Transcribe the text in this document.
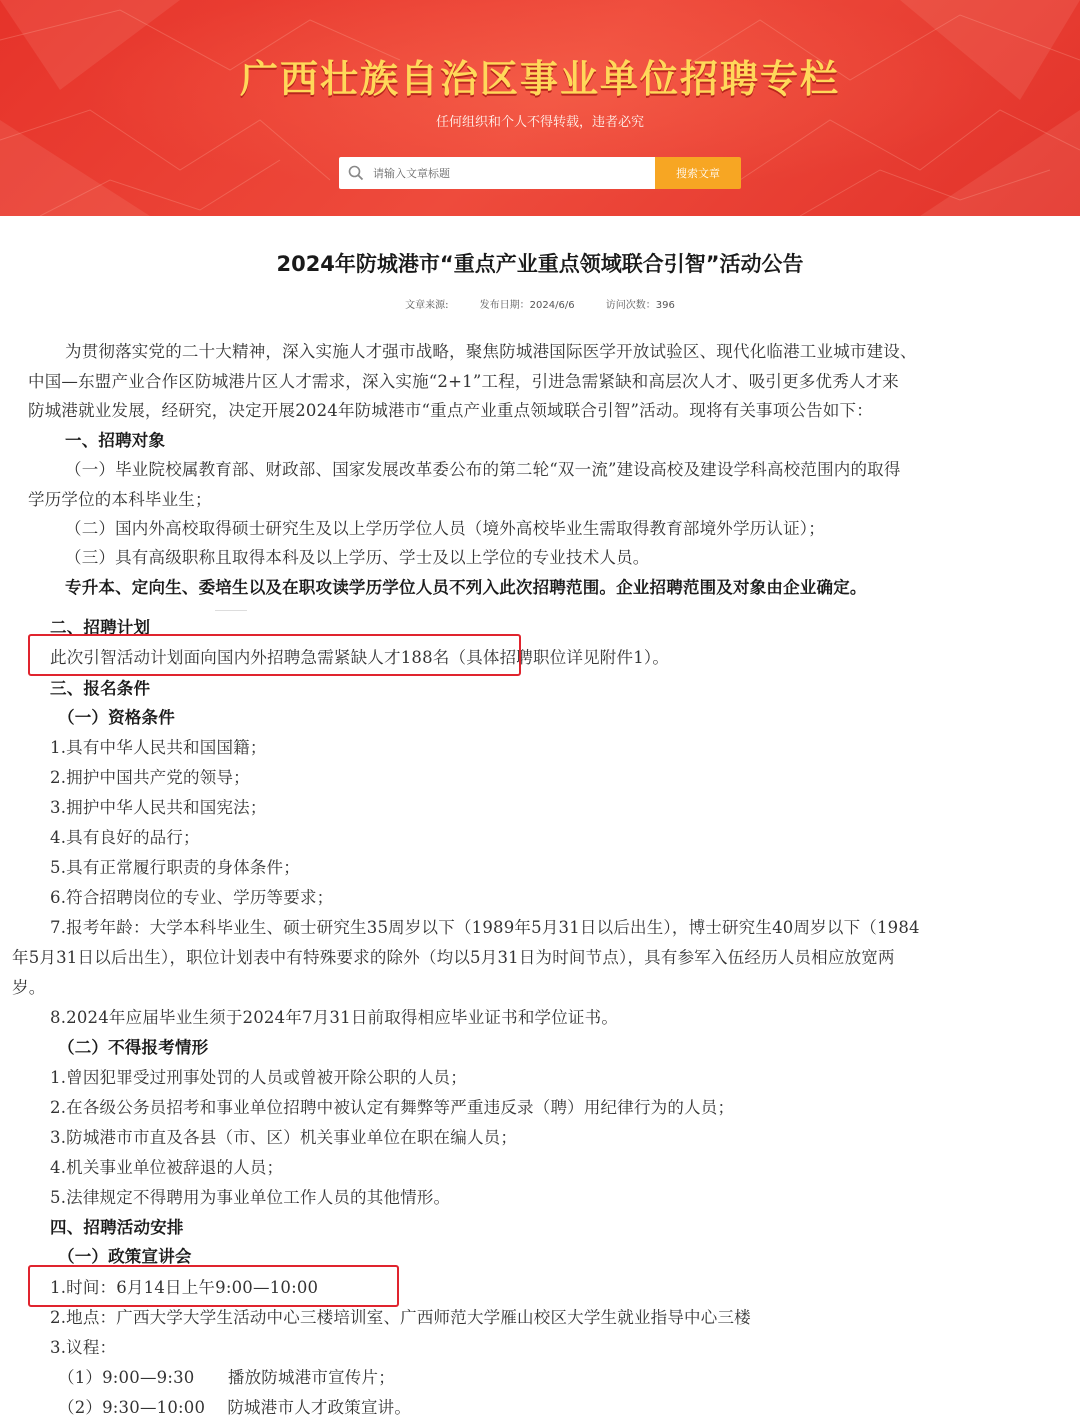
广西壮族自治区事业单位招聘专栏
任何组织和个人不得转载，违者必究
请输入文章标题
搜索文章
2024年防城港市“重点产业重点领域联合引智”活动公告
文章来源:	发布日期：2024/6/6	访问次数：396
为贯彻落实党的二十大精神，深入实施人才强市战略，聚焦防城港国际医学开放试验区、现代化临港工业城市建设、
中国—东盟产业合作区防城港片区人才需求，深入实施“2+1”工程，引进急需紧缺和高层次人才、吸引更多优秀人才来
防城港就业发展，经研究，决定开展2024年防城港市“重点产业重点领域联合引智”活动。现将有关事项公告如下：
一、招聘对象
（一）毕业院校属教育部、财政部、国家发展改革委公布的第二轮“双一流”建设高校及建设学科高校范围内的取得
学历学位的本科毕业生；
（二）国内外高校取得硕士研究生及以上学历学位人员（境外高校毕业生需取得教育部境外学历认证）；
（三）具有高级职称且取得本科及以上学历、学士及以上学位的专业技术人员。
专升本、定向生、委培生以及在职攻读学历学位人员不列入此次招聘范围。企业招聘范围及对象由企业确定。
二、招聘计划
此次引智活动计划面向国内外招聘急需紧缺人才188名（具体招聘职位详见附件1）。
三、报名条件
（一）资格条件
1.具有中华人民共和国国籍；
2.拥护中国共产党的领导；
3.拥护中华人民共和国宪法；
4.具有良好的品行；
5.具有正常履行职责的身体条件；
6.符合招聘岗位的专业、学历等要求；
7.报考年龄：大学本科毕业生、硕士研究生35周岁以下（1989年5月31日以后出生），博士研究生40周岁以下（1984
年5月31日以后出生），职位计划表中有特殊要求的除外（均以5月31日为时间节点），具有参军入伍经历人员相应放宽两
岁。
8.2024年应届毕业生须于2024年7月31日前取得相应毕业证书和学位证书。
（二）不得报考情形
1.曾因犯罪受过刑事处罚的人员或曾被开除公职的人员；
2.在各级公务员招考和事业单位招聘中被认定有舞弊等严重违反录（聘）用纪律行为的人员；
3.防城港市市直及各县（市、区）机关事业单位在职在编人员；
4.机关事业单位被辞退的人员；
5.法律规定不得聘用为事业单位工作人员的其他情形。
四、招聘活动安排
（一）政策宣讲会
1.时间：6月14日上午9:00—10:00
2.地点：广西大学大学生活动中心三楼培训室、广西师范大学雁山校区大学生就业指导中心三楼
3.议程：
（1）9:00—9:30　　播放防城港市宣传片；
（2）9:30—10:00　 防城港市人才政策宣讲。
